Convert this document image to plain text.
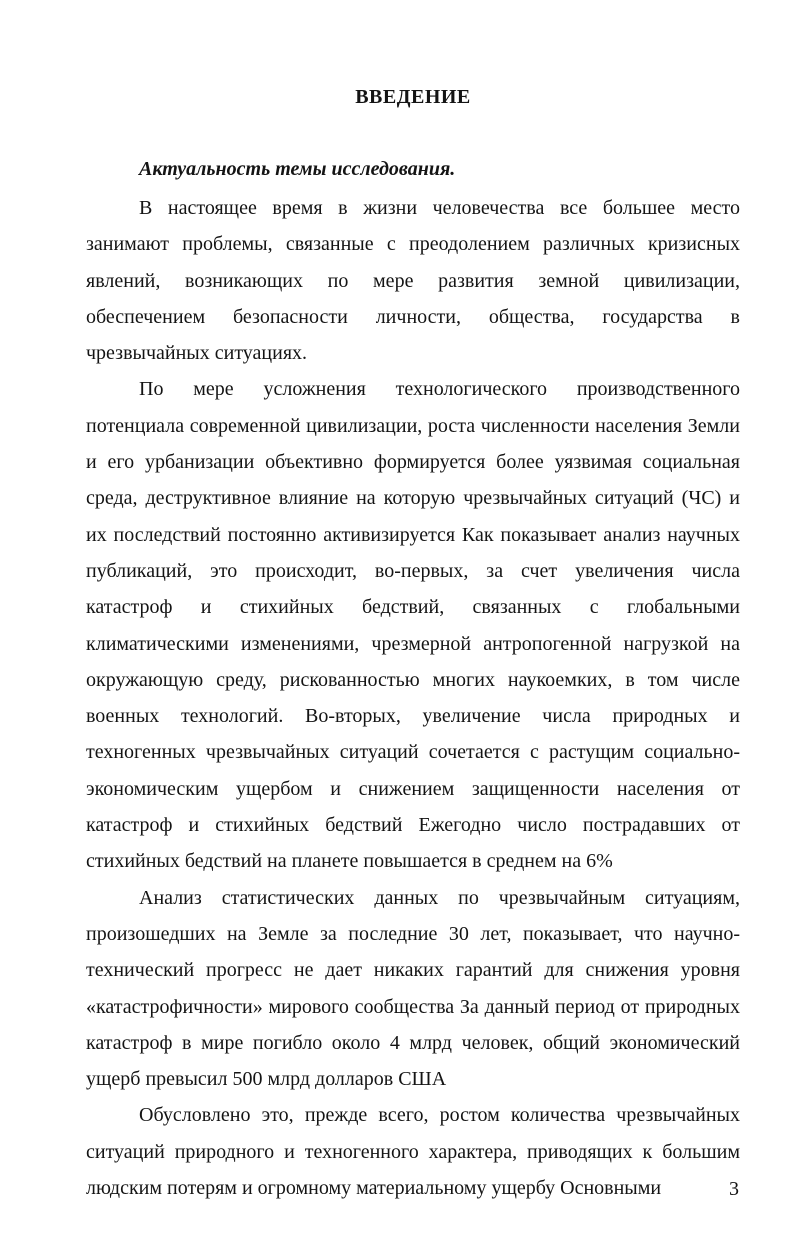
ВВЕДЕНИЕ
Актуальность темы исследования.

В настоящее время в жизни человечества все большее место занимают проблемы, связанные с преодолением различных кризисных явлений, возникающих по мере развития земной цивилизации, обеспечением безопасности личности, общества, государства в чрезвычайных ситуациях.

По мере усложнения технологического производственного потенциала современной цивилизации, роста численности населения Земли и его урбанизации объективно формируется более уязвимая социальная среда, деструктивное влияние на которую чрезвычайных ситуаций (ЧС) и их последствий постоянно активизируется Как показывает анализ научных публикаций, это происходит, во-первых, за счет увеличения числа катастроф и стихийных бедствий, связанных с глобальными климатическими изменениями, чрезмерной антропогенной нагрузкой на окружающую среду, рискованностью многих наукоемких, в том числе военных технологий. Во-вторых, увеличение числа природных и техногенных чрезвычайных ситуаций сочетается с растущим социально-экономическим ущербом и снижением защищенности населения от катастроф и стихийных бедствий Ежегодно число пострадавших от стихийных бедствий на планете повышается в среднем на 6%

Анализ статистических данных по чрезвычайным ситуациям, произошедших на Земле за последние 30 лет, показывает, что научно-технический прогресс не дает никаких гарантий для снижения уровня «катастрофичности» мирового сообщества За данный период от природных катастроф в мире погибло около 4 млрд человек, общий экономический ущерб превысил 500 млрд долларов США

Обусловлено это, прежде всего, ростом количества чрезвычайных ситуаций природного и техногенного характера, приводящих к большим людским потерям и огромному материальному ущербу Основными	3
